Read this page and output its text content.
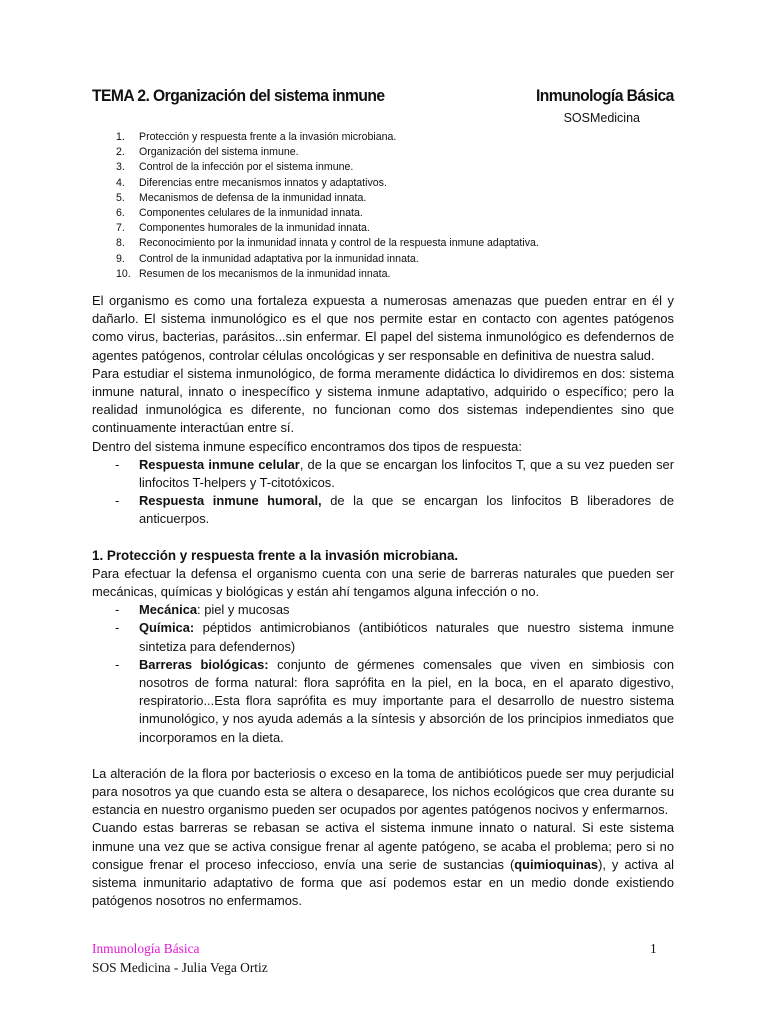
TEMA 2. Organización del sistema inmune	Inmunología Básica
SOSMedicina
1.	Protección y respuesta frente a la invasión microbiana.
2.	Organización del sistema inmune.
3.	Control de la infección por el sistema inmune.
4.	Diferencias entre mecanismos innatos y adaptativos.
5.	Mecanismos de defensa de la inmunidad innata.
6.	Componentes celulares de la inmunidad innata.
7.	Componentes humorales de la inmunidad innata.
8.	Reconocimiento por la inmunidad innata y control de la respuesta inmune adaptativa.
9.	Control de la inmunidad adaptativa por la inmunidad innata.
10. Resumen de los mecanismos de la inmunidad innata.

El organismo es como una fortaleza expuesta a numerosas amenazas que pueden entrar en él y dañarlo. El sistema inmunológico es el que nos permite estar en contacto con agentes patógenos como virus, bacterias, parásitos...sin enfermar. El papel del sistema inmunológico es defendernos de agentes patógenos, controlar células oncológicas y ser responsable en definitiva de nuestra salud.

Para estudiar el sistema inmunológico, de forma meramente didáctica lo dividiremos en dos: sistema inmune natural, innato o inespecífico y sistema inmune adaptativo, adquirido o específico; pero la realidad inmunológica es diferente, no funcionan como dos sistemas independientes sino que continuamente interactúan entre sí.

Dentro del sistema inmune específico encontramos dos tipos de respuesta:

- Respuesta inmune celular, de la que se encargan los linfocitos T, que a su vez pueden ser linfocitos T-helpers y T-citotóxicos.
- Respuesta inmune humoral, de la que se encargan los linfocitos B liberadores de anticuerpos.

1. Protección y respuesta frente a la invasión microbiana.

Para efectuar la defensa el organismo cuenta con una serie de barreras naturales que pueden ser mecánicas, químicas y biológicas y están ahí tengamos alguna infección o no.

- Mecánica: piel y mucosas
- Química: péptidos antimicrobianos (antibióticos naturales que nuestro sistema inmune sintetiza para defendernos)
- Barreras biológicas: conjunto de gérmenes comensales que viven en simbiosis con nosotros de forma natural: flora saprófita en la piel, en la boca, en el aparato digestivo, respiratorio...Esta flora saprófita es muy importante para el desarrollo de nuestro sistema inmunológico, y nos ayuda además a la síntesis y absorción de los principios inmediatos que incorporamos en la dieta.

La alteración de la flora por bacteriosis o exceso en la toma de antibióticos puede ser muy perjudicial para nosotros ya que cuando esta se altera o desaparece, los nichos ecológicos que crea durante su estancia en nuestro organismo pueden ser ocupados por agentes patógenos nocivos y enfermarnos.

Cuando estas barreras se rebasan se activa el sistema inmune innato o natural. Si este sistema inmune una vez que se activa consigue frenar al agente patógeno, se acaba el problema; pero si no consigue frenar el proceso infeccioso, envía una serie de sustancias (quimioquinas), y activa al sistema inmunitario adaptativo de forma que así podemos estar en un medio donde existiendo patógenos nosotros no enfermamos.

Inmunología Básica
SOS Medicina - Julia Vega Ortiz
1
